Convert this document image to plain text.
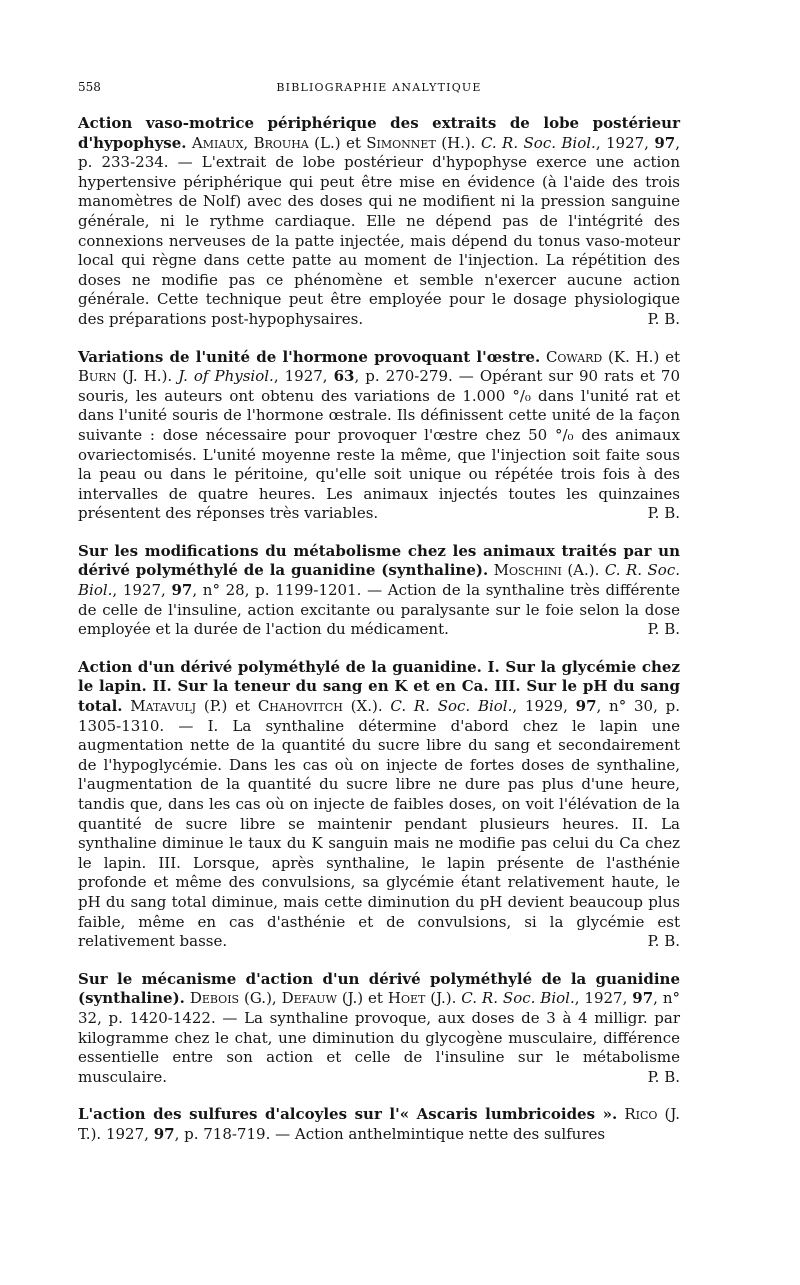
558	BIBLIOGRAPHIE ANALYTIQUE

Action vaso-motrice périphérique des extraits de lobe postérieur d'hypophyse. Amiaux, Brouha (L.) et Simonnet (H.). C. R. Soc. Biol., 1927, 97, p. 233-234. — L'extrait de lobe postérieur d'hypophyse exerce une action hypertensive périphérique qui peut être mise en évidence (à l'aide des trois manomètres de Nolf) avec des doses qui ne modifient ni la pression sanguine générale, ni le rythme cardiaque. Elle ne dépend pas de l'intégrité des connexions nerveuses de la patte injectée, mais dépend du tonus vaso-moteur local qui règne dans cette patte au moment de l'injection. La répétition des doses ne modifie pas ce phénomène et semble n'exercer aucune action générale. Cette technique peut être employée pour le dosage physiologique des préparations post-hypophysaires.	P. B.

Variations de l'unité de l'hormone provoquant l'œstre. Coward (K. H.) et Burn (J. H.). J. of Physiol., 1927, 63, p. 270-279. — Opérant sur 90 rats et 70 souris, les auteurs ont obtenu des variations de 1.000 °/₀ dans l'unité rat et dans l'unité souris de l'hormone œstrale. Ils définissent cette unité de la façon suivante : dose nécessaire pour provoquer l'œstre chez 50 °/₀ des animaux ovariectomisés. L'unité moyenne reste la même, que l'injection soit faite sous la peau ou dans le péritoine, qu'elle soit unique ou répétée trois fois à des intervalles de quatre heures. Les animaux injectés toutes les quinzaines présentent des réponses très variables.	P. B.

Sur les modifications du métabolisme chez les animaux traités par un dérivé polyméthylé de la guanidine (synthaline). Moschini (A.). C. R. Soc. Biol., 1927, 97, n° 28, p. 1199-1201. — Action de la synthaline très différente de celle de l'insuline, action excitante ou paralysante sur le foie selon la dose employée et la durée de l'action du médicament.	P. B.

Action d'un dérivé polyméthylé de la guanidine. I. Sur la glycémie chez le lapin. II. Sur la teneur du sang en K et en Ca. III. Sur le pH du sang total. Matavulj (P.) et Chahovitch (X.). C. R. Soc. Biol., 1929, 97, n° 30, p. 1305-1310. — I. La synthaline détermine d'abord chez le lapin une augmentation nette de la quantité du sucre libre du sang et secondairement de l'hypoglycémie. Dans les cas où on injecte de fortes doses de synthaline, l'augmentation de la quantité du sucre libre ne dure pas plus d'une heure, tandis que, dans les cas où on injecte de faibles doses, on voit l'élévation de la quantité de sucre libre se maintenir pendant plusieurs heures. II. La synthaline diminue le taux du K sanguin mais ne modifie pas celui du Ca chez le lapin. III. Lorsque, après synthaline, le lapin présente de l'asthénie profonde et même des convulsions, sa glycémie étant relativement haute, le pH du sang total diminue, mais cette diminution du pH devient beaucoup plus faible, même en cas d'asthénie et de convulsions, si la glycémie est relativement basse.	P. B.

Sur le mécanisme d'action d'un dérivé polyméthylé de la guanidine (synthaline). Debois (G.), Defauw (J.) et Hoet (J.). C. R. Soc. Biol., 1927, 97, n° 32, p. 1420-1422. — La synthaline provoque, aux doses de 3 à 4 milligr. par kilogramme chez le chat, une diminution du glycogène musculaire, différence essentielle entre son action et celle de l'insuline sur le métabolisme musculaire.	P. B.

L'action des sulfures d'alcoyles sur l'« Ascaris lumbricoides ». Rico (J. T.). 1927, 97, p. 718-719. — Action anthelmintique nette des sulfures
